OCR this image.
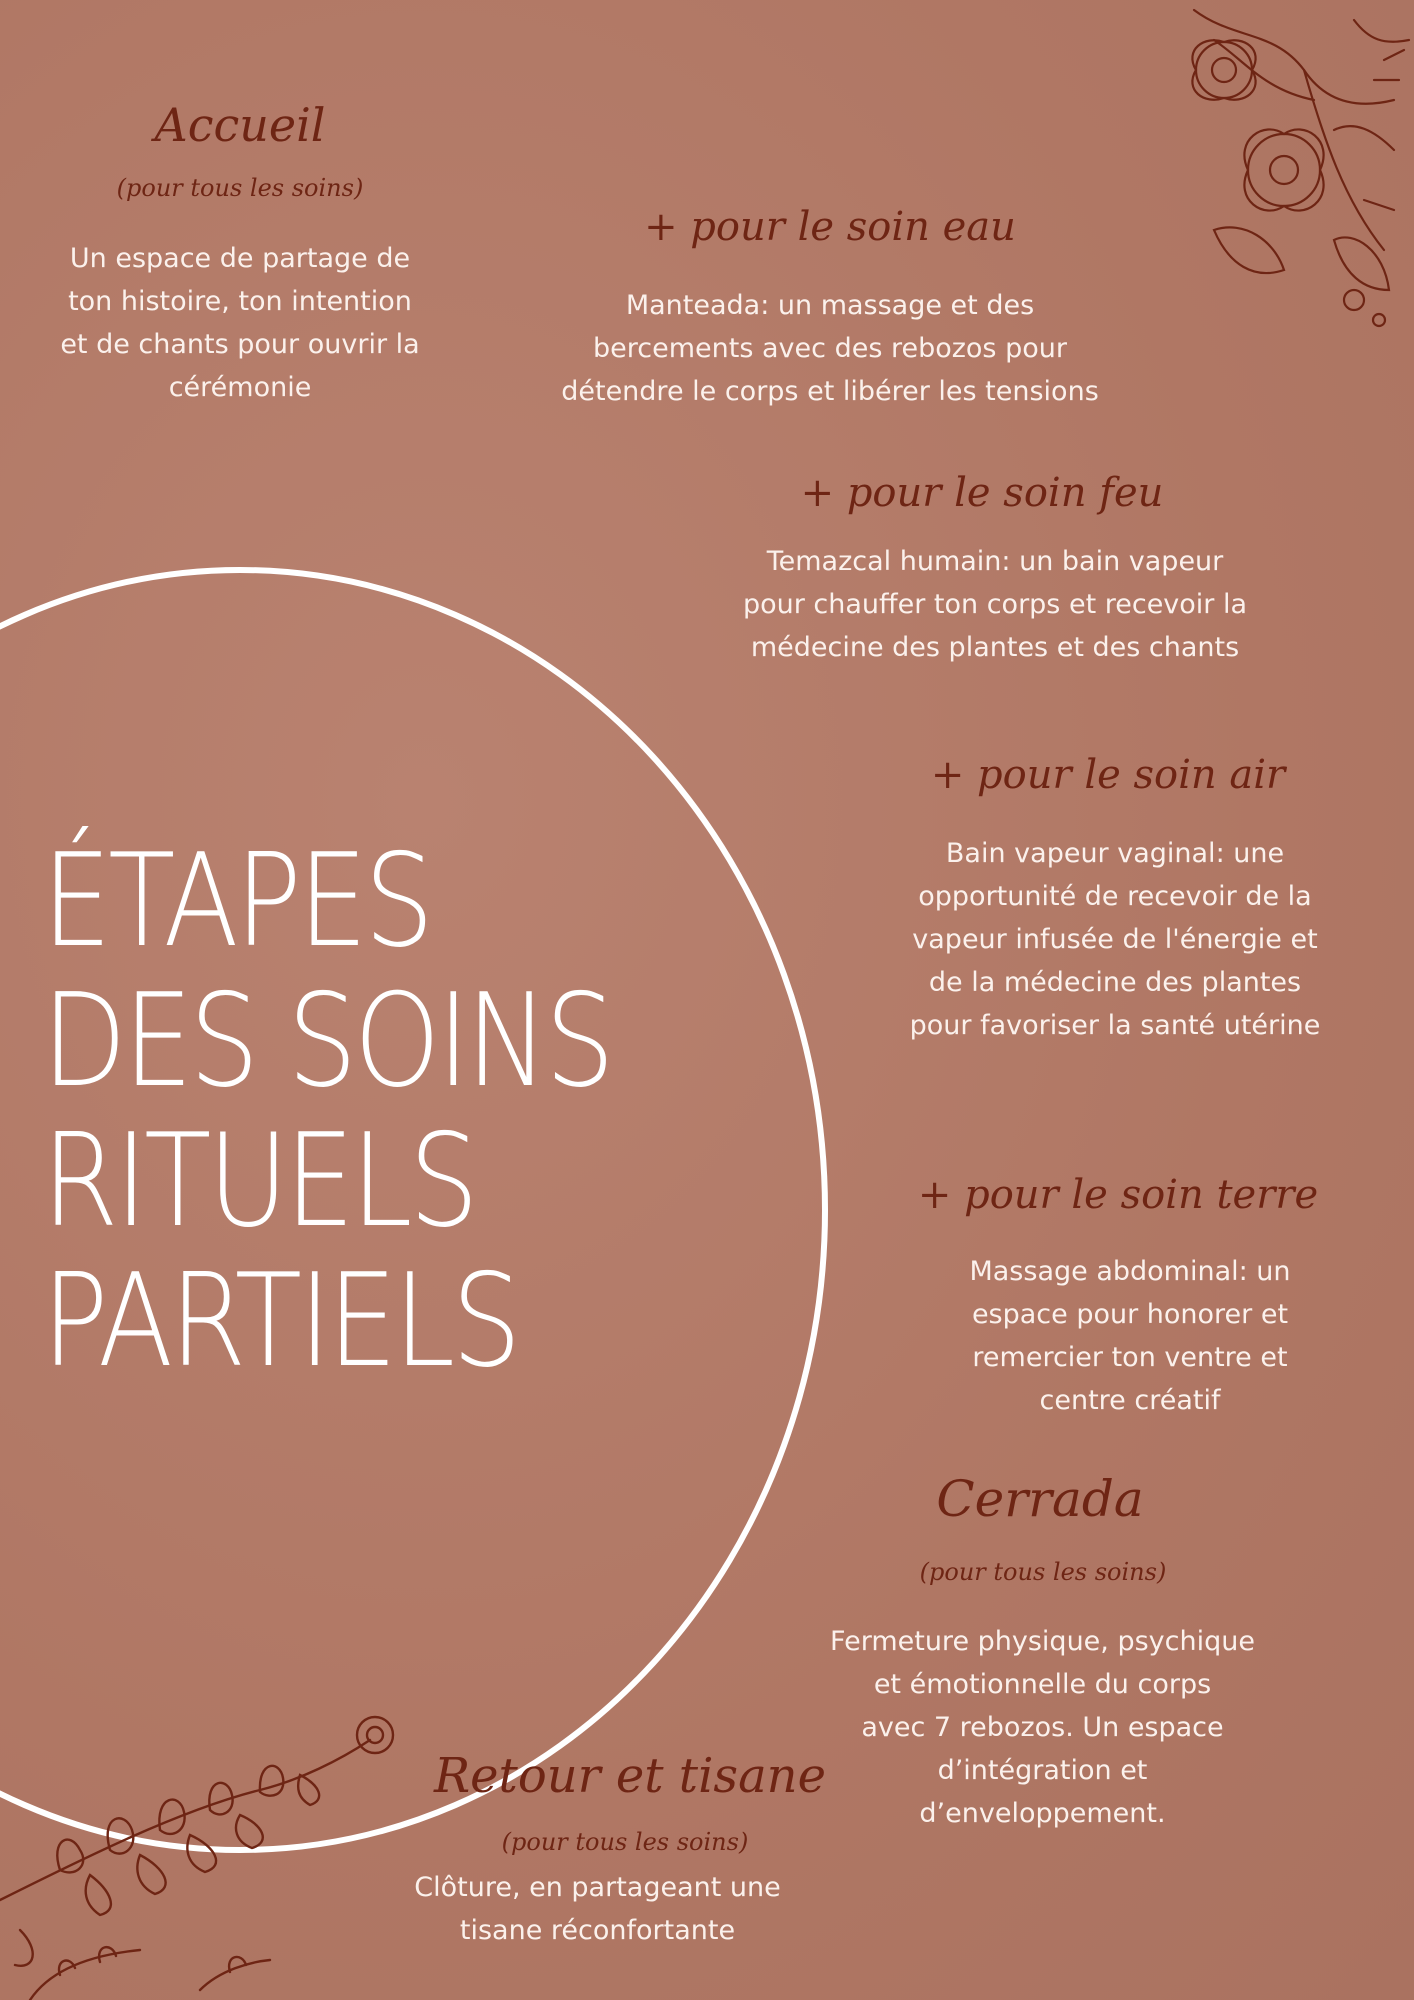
ÉTAPES
DES SOINS
RITUELS
PARTIELS
Accueil
(pour tous les soins)
Un espace de partage de
ton histoire, ton intention
et de chants pour ouvrir la
cérémonie
+ pour le soin eau
Manteada: un massage et des
bercements avec des rebozos pour
détendre le corps et libérer les tensions
+ pour le soin feu
Temazcal humain: un bain vapeur
pour chauffer ton corps et recevoir la
médecine des plantes et des chants
+ pour le soin air
Bain vapeur vaginal: une
opportunité de recevoir de la
vapeur infusée de l'énergie et
de la médecine des plantes
pour favoriser la santé utérine
+ pour le soin terre
Massage abdominal: un
espace pour honorer et
remercier ton ventre et
centre créatif
Cerrada
(pour tous les soins)
Fermeture physique, psychique
et émotionnelle du corps
avec 7 rebozos. Un espace
d’intégration et
d’enveloppement.
Retour et tisane
(pour tous les soins)
Clôture, en partageant une
tisane réconfortante
